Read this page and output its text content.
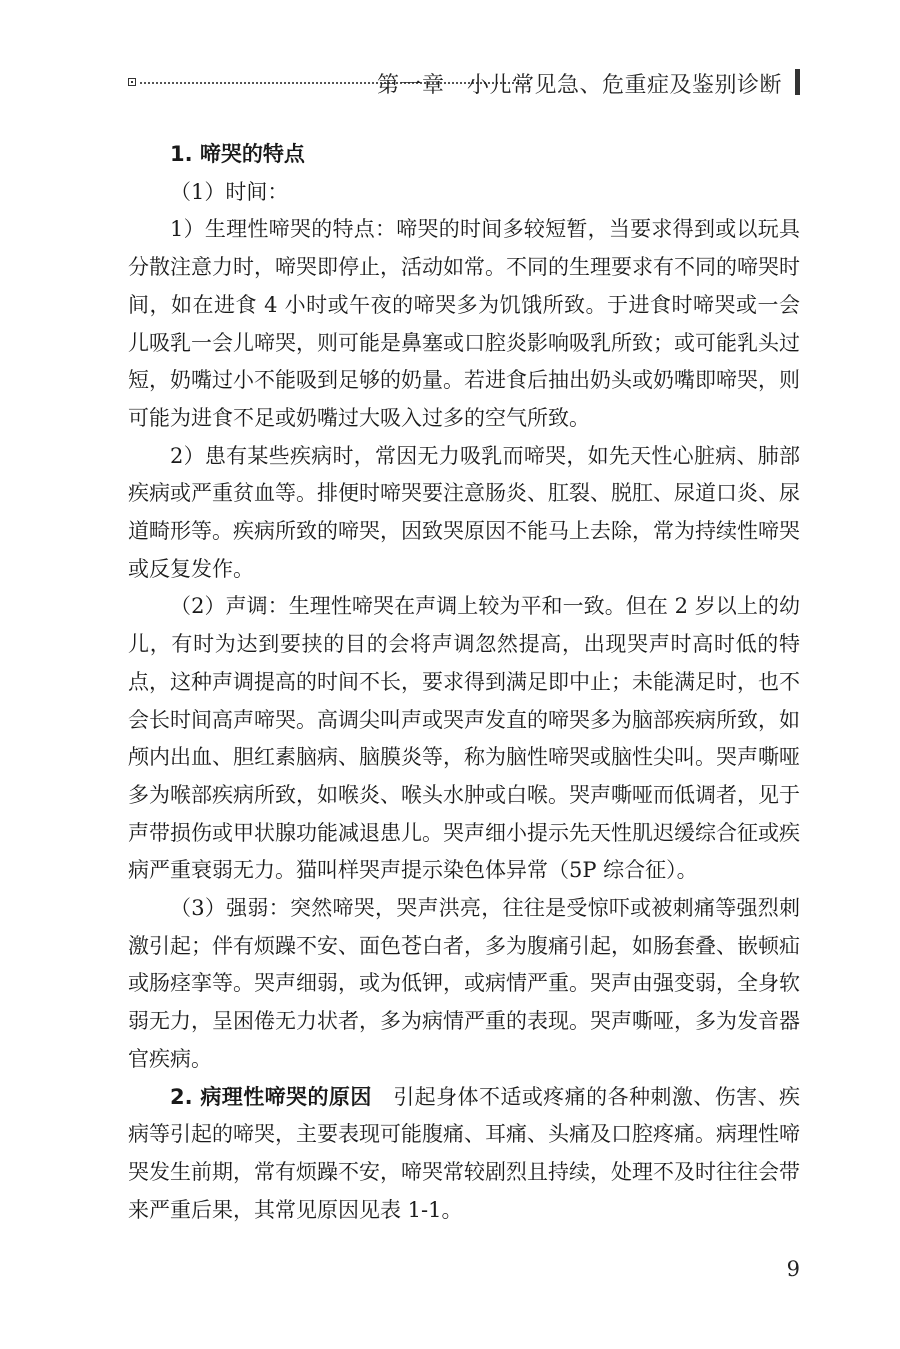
第一章　小儿常见急、危重症及鉴别诊断

1. 啼哭的特点

（1）时间：

1）生理性啼哭的特点：啼哭的时间多较短暂，当要求得到或以玩具分散注意力时，啼哭即停止，活动如常。不同的生理要求有不同的啼哭时间，如在进食 4 小时或午夜的啼哭多为饥饿所致。于进食时啼哭或一会儿吸乳一会儿啼哭，则可能是鼻塞或口腔炎影响吸乳所致；或可能乳头过短，奶嘴过小不能吸到足够的奶量。若进食后抽出奶头或奶嘴即啼哭，则可能为进食不足或奶嘴过大吸入过多的空气所致。

2）患有某些疾病时，常因无力吸乳而啼哭，如先天性心脏病、肺部疾病或严重贫血等。排便时啼哭要注意肠炎、肛裂、脱肛、尿道口炎、尿道畸形等。疾病所致的啼哭，因致哭原因不能马上去除，常为持续性啼哭或反复发作。

（2）声调：生理性啼哭在声调上较为平和一致。但在 2 岁以上的幼儿，有时为达到要挟的目的会将声调忽然提高，出现哭声时高时低的特点，这种声调提高的时间不长，要求得到满足即中止；未能满足时，也不会长时间高声啼哭。高调尖叫声或哭声发直的啼哭多为脑部疾病所致，如颅内出血、胆红素脑病、脑膜炎等，称为脑性啼哭或脑性尖叫。哭声嘶哑多为喉部疾病所致，如喉炎、喉头水肿或白喉。哭声嘶哑而低调者，见于声带损伤或甲状腺功能减退患儿。哭声细小提示先天性肌迟缓综合征或疾病严重衰弱无力。猫叫样哭声提示染色体异常（5P 综合征）。

（3）强弱：突然啼哭，哭声洪亮，往往是受惊吓或被刺痛等强烈刺激引起；伴有烦躁不安、面色苍白者，多为腹痛引起，如肠套叠、嵌顿疝或肠痉挛等。哭声细弱，或为低钾，或病情严重。哭声由强变弱，全身软弱无力，呈困倦无力状者，多为病情严重的表现。哭声嘶哑，多为发音器官疾病。

2. 病理性啼哭的原因　引起身体不适或疼痛的各种刺激、伤害、疾病等引起的啼哭，主要表现可能腹痛、耳痛、头痛及口腔疼痛。病理性啼哭发生前期，常有烦躁不安，啼哭常较剧烈且持续，处理不及时往往会带来严重后果，其常见原因见表 1-1。

9
